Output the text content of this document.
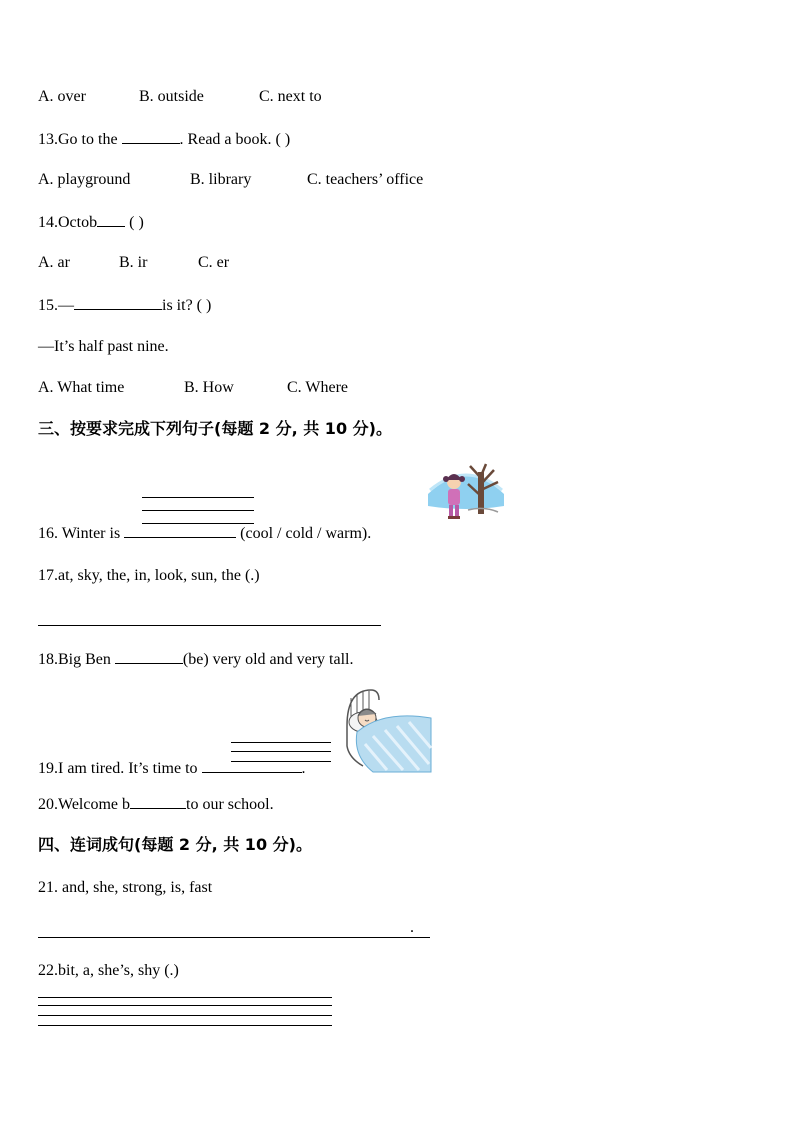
A. over	B. outside	C. next to
13.Go to the	. Read a book. ( )
A. playground	B. library	C. teachers’ office
14.Octob ( )
A. ar	B. ir	C. er
15.—	is it? ( )
—It’s half past nine.
A. What time	B. How	C. Where
三、按要求完成下列句子(每题 2 分, 共 10 分)。
16. Winter is	(cool / cold / warm).
17.at, sky, the, in, look, sun, the (.)
18.Big Ben	(be) very old and very tall.
19.I am tired. It’s time to	.
20.Welcome b	to our school.
四、连词成句(每题 2 分, 共 10 分)。
21. and, she, strong, is, fast
.
22.bit, a, she’s, shy (.)
